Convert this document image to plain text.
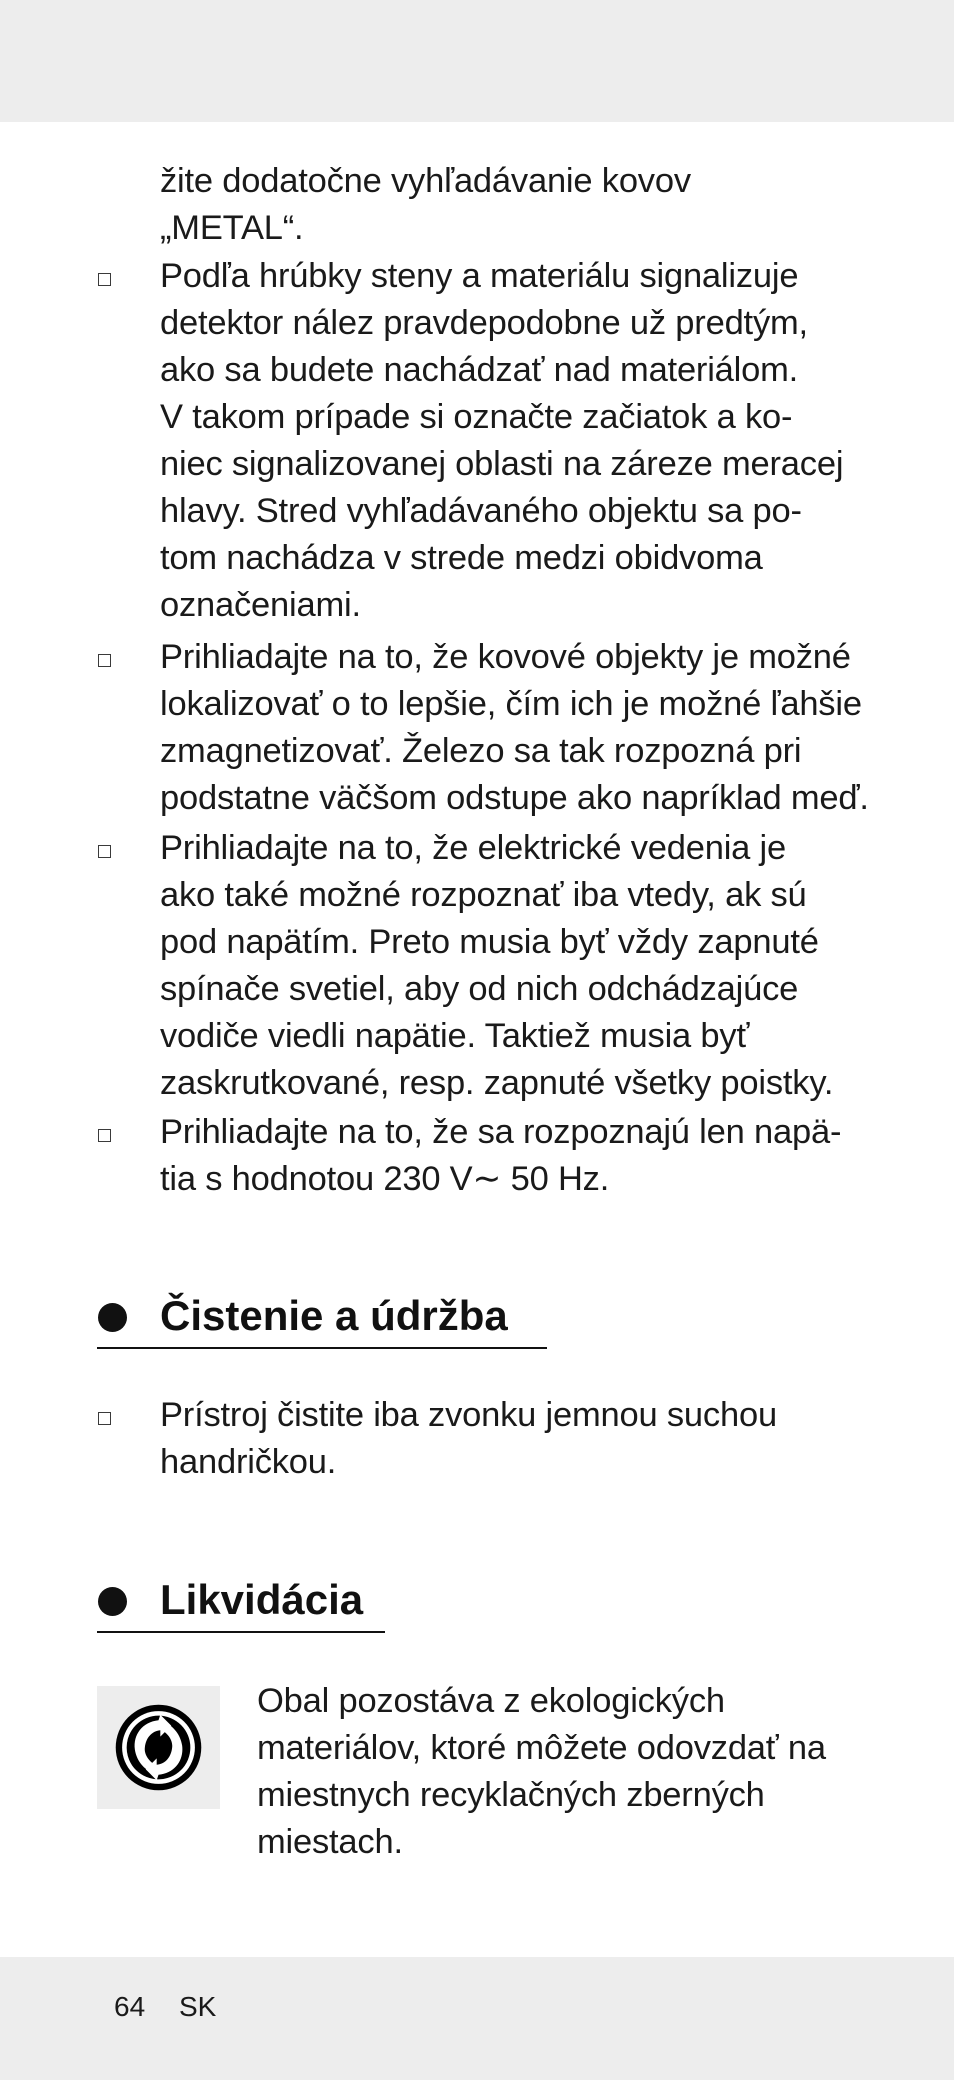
žite dodatočne vyhľadávanie kovov
„METAL“.
Podľa hrúbky steny a materiálu signalizuje
detektor nález pravdepodobne už predtým,
ako sa budete nachádzať nad materiálom.
V takom prípade si označte začiatok a ko-
niec signalizovanej oblasti na záreze meracej
hlavy. Stred vyhľadávaného objektu sa po-
tom nachádza v strede medzi obidvoma
označeniami.
Prihliadajte na to, že kovové objekty je možné
lokalizovať o to lepšie, čím ich je možné ľahšie
zmagnetizovať. Železo sa tak rozpozná pri
podstatne väčšom odstupe ako napríklad meď.
Prihliadajte na to, že elektrické vedenia je
ako také možné rozpoznať iba vtedy, ak sú
pod napätím. Preto musia byť vždy zapnuté
spínače svetiel, aby od nich odchádzajúce
vodiče viedli napätie. Taktiež musia byť
zaskrutkované, resp. zapnuté všetky poistky.
Prihliadajte na to, že sa rozpoznajú len napä-
tia s hodnotou 230 V∼ 50 Hz.
Čistenie a údržba
Prístroj čistite iba zvonku jemnou suchou
handričkou.
Likvidácia
Obal pozostáva z ekologických
materiálov, ktoré môžete odovzdať na
miestnych recyklačných zberných
miestach.
64 SK
